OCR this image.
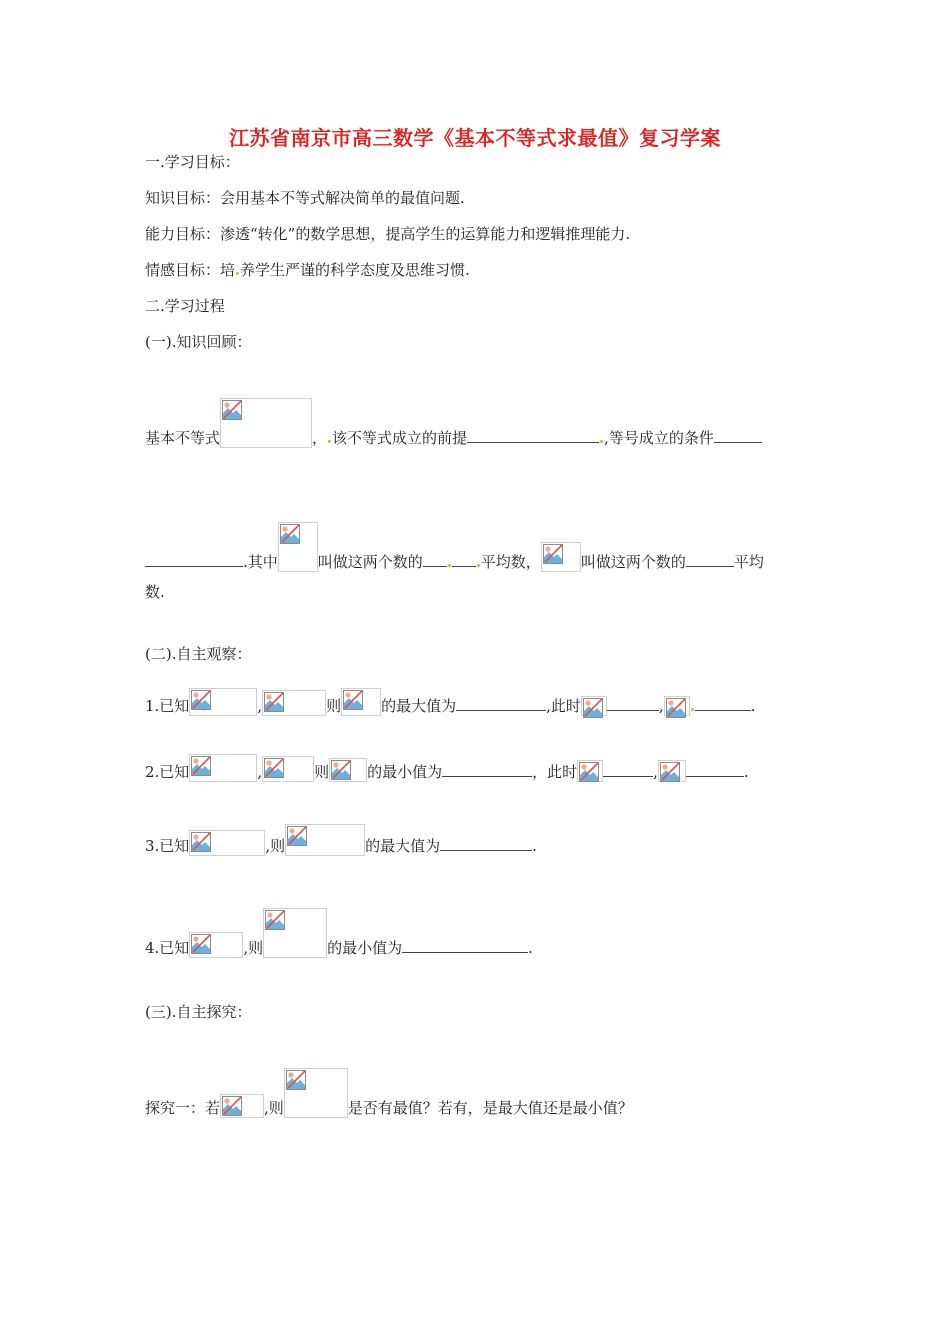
江苏省南京市高三数学《基本不等式求最值》复习学案
一.学习目标：
知识目标：会用基本不等式解决简单的最值问题.
能力目标：渗透“转化”的数学思想，提高学生的运算能力和逻辑推理能力.
情感目标：培 养学生严谨的科学态度及思维习惯.
二.学习过程
(一).知识回顾：
基本不等式	， 该不等式成立的前提	,等号成立的条件
.其中	叫做这两个数的	平均数，	叫做这两个数的	平均
数.
(二).自主观察：
1.已知	,	则	的最大值为	,此时	,	.
2.已知	,	则	的最小值为	，此时	,	.
3.已知	,则	的最大值为	.
4.已知	,则	的最小值为	.
(三).自主探究：
探究一：若	,则	是否有最值？若有，是最大值还是最小值？
